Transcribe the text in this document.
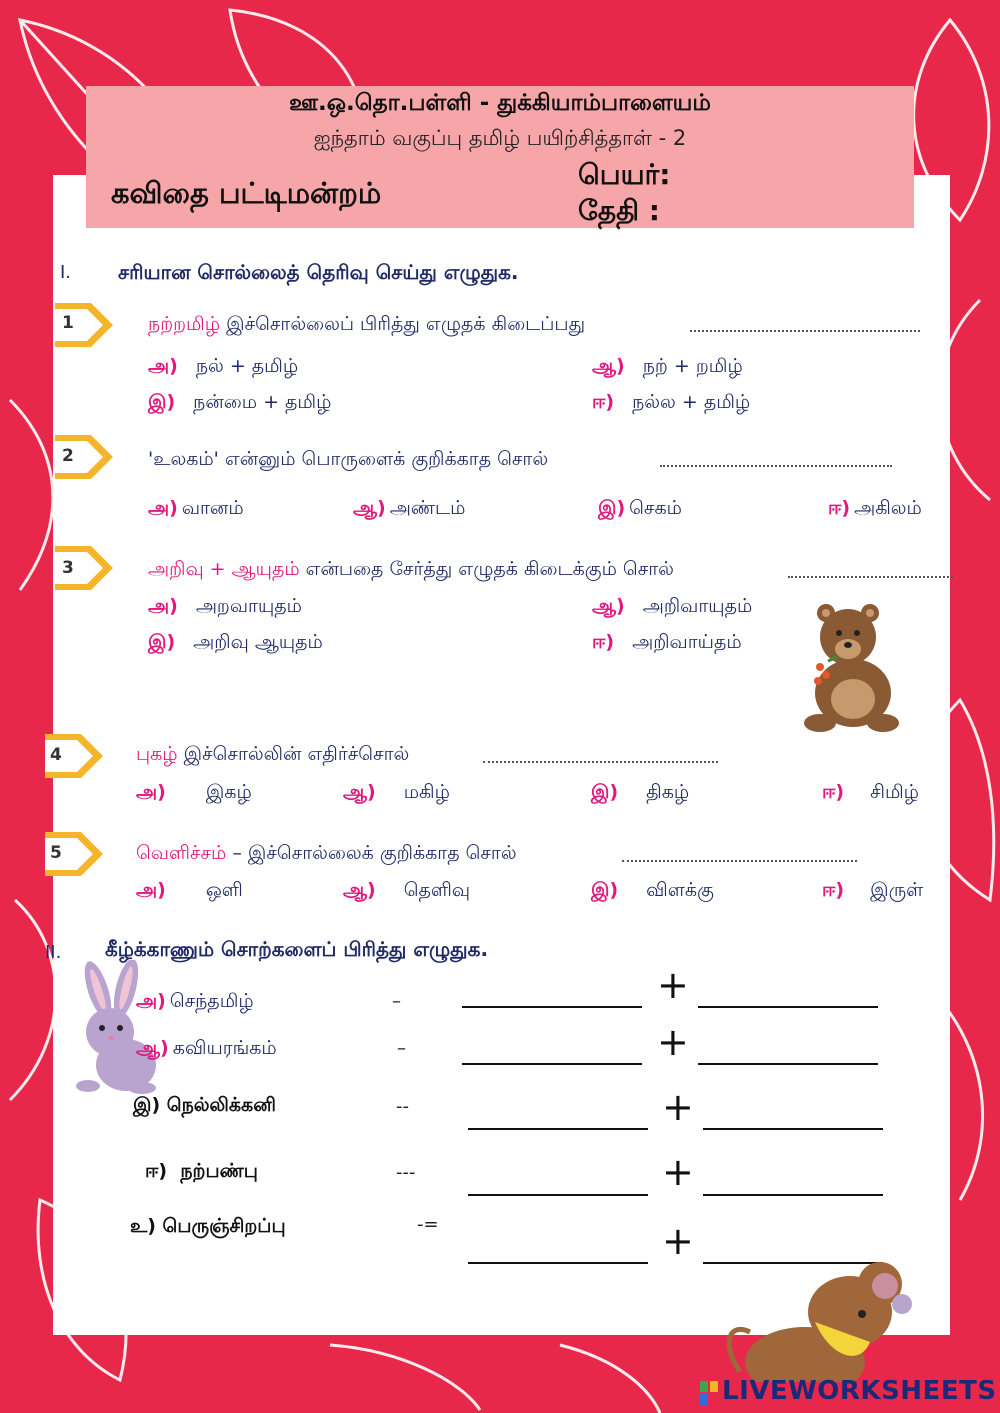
ஊ.ஒ.தொ.பள்ளி - துக்கியாம்பாளையம்
ஐந்தாம் வகுப்பு தமிழ் பயிற்சித்தாள் - 2
கவிதை பட்டிமன்றம்
பெயர்:
தேதி :
I. சரியான சொல்லைத் தெரிவு செய்து எழுதுக.
1	நற்றமிழ் இச்சொல்லைப் பிரித்து எழுதக் கிடைப்பது
அ) நல் + தமிழ்	ஆ) நற் + றமிழ்
இ) நன்மை + தமிழ்	ஈ) நல்ல + தமிழ்
2	'உலகம்' என்னும் பொருளைக் குறிக்காத சொல்
அ) வானம்	ஆ) அண்டம்	இ) செகம்	ஈ) அகிலம்
3	அறிவு + ஆயுதம் என்பதை சேர்த்து எழுதக் கிடைக்கும் சொல்
அ) அறவாயுதம்	ஆ) அறிவாயுதம்
இ) அறிவு ஆயுதம்	ஈ) அறிவாய்தம்
4	புகழ் இச்சொல்லின் எதிர்ச்சொல்
அ) இகழ்	ஆ) மகிழ்	இ) திகழ்	ஈ) சிமிழ்
5	வெளிச்சம் – இச்சொல்லைக் குறிக்காத சொல்
அ) ஒளி	ஆ) தெளிவு	இ) விளக்கு	ஈ) இருள்
II. கீழ்க்காணும் சொற்களைப் பிரித்து எழுதுக.
அ) செந்தமிழ்	–	+
ஆ) கவியரங்கம்	–	+
இ) நெல்லிக்கனி	--	+
ஈ) நற்பண்பு	---	+
உ) பெருஞ்சிறப்பு	-=	+
LIVEWORKSHEETS
